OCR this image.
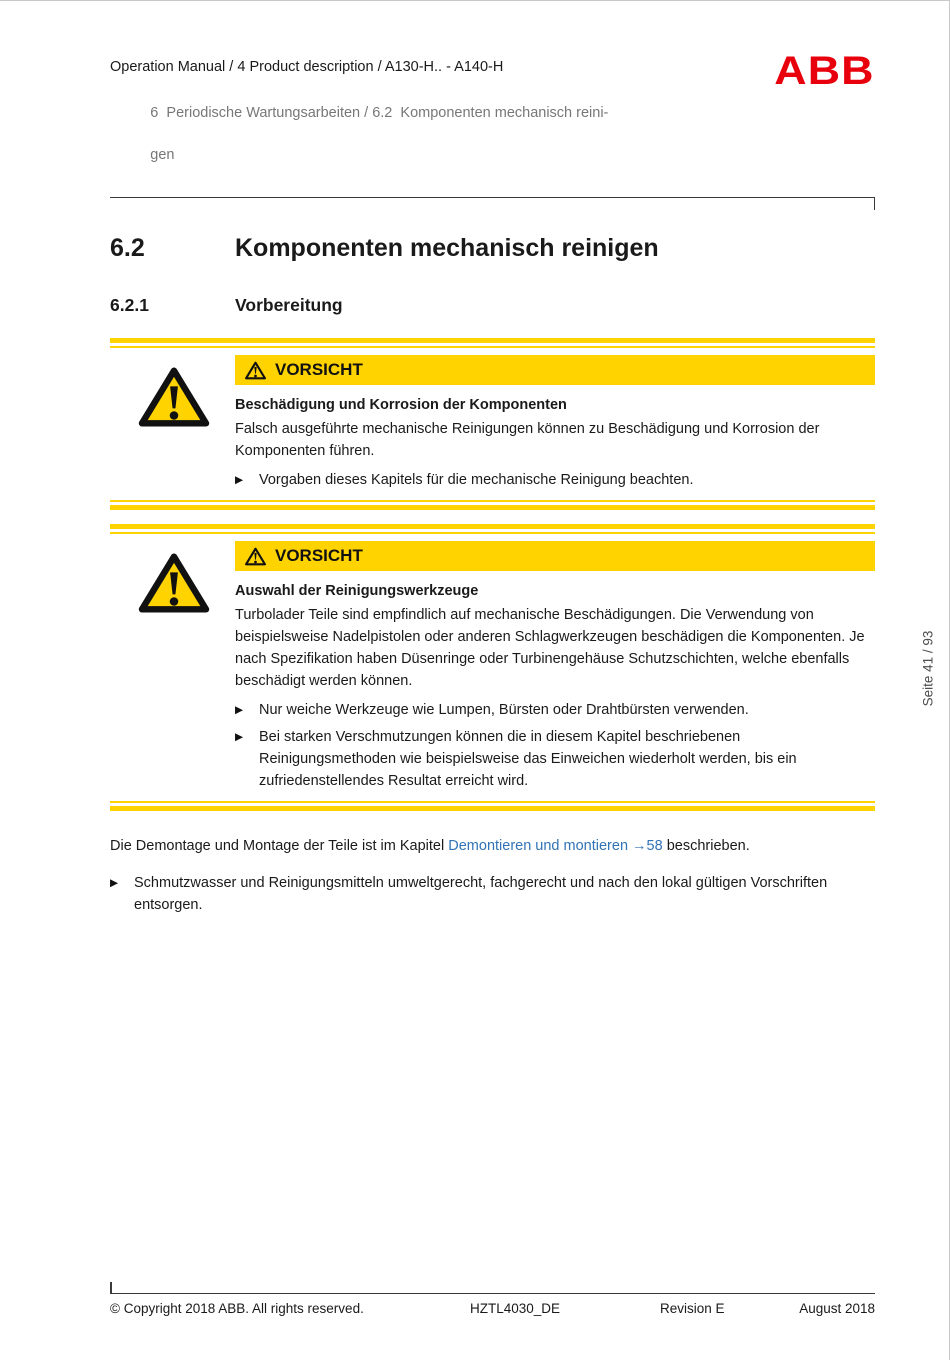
Operation Manual / 4 Product description / A130-H.. - A140-H

6  Periodische Wartungsarbeiten / 6.2  Komponenten mechanisch reini-

gen

ABB
6.2	Komponenten mechanisch reinigen
6.2.1	Vorbereitung
VORSICHT
Beschädigung und Korrosion der Komponenten
Falsch ausgeführte mechanische Reinigungen können zu Beschädigung und Korrosion der Komponenten führen.
▶	Vorgaben dieses Kapitels für die mechanische Reinigung beachten.
VORSICHT
Auswahl der Reinigungswerkzeuge
Turbolader Teile sind empfindlich auf mechanische Beschädigungen. Die Verwendung von beispielsweise Nadelpistolen oder anderen Schlagwerkzeugen beschädigen die Komponenten. Je nach Spezifikation haben Düsenringe oder Turbinengehäuse Schutzschichten, welche ebenfalls beschädigt werden können.
▶	Nur weiche Werkzeuge wie Lumpen, Bürsten oder Drahtbürsten verwenden.
▶	Bei starken Verschmutzungen können die in diesem Kapitel beschriebenen Reinigungsmethoden wie beispielsweise das Einweichen wiederholt werden, bis ein zufriedenstellendes Resultat erreicht wird.

Die Demontage und Montage der Teile ist im Kapitel Demontieren und montieren →58 beschrieben.

▶	Schmutzwasser und Reinigungsmitteln umweltgerecht, fachgerecht und nach den lokal gültigen Vorschriften entsorgen.
Seite 41 / 93
© Copyright 2018 ABB. All rights reserved.	HZTL4030_DE	Revision E	August 2018
